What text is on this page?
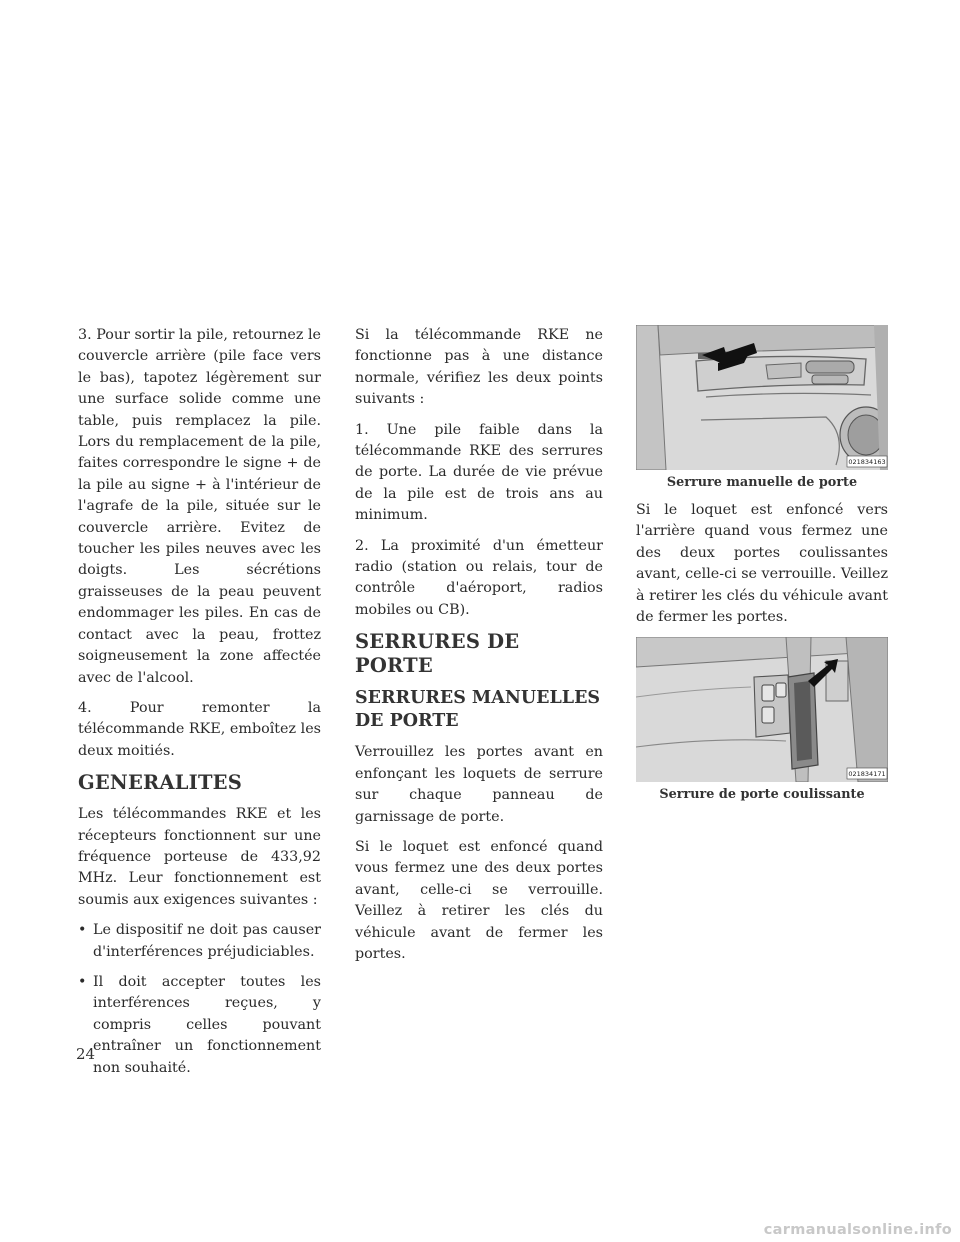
3. Pour sortir la pile, retournez le couvercle arrière (pile face vers le bas), tapotez légèrement sur une surface solide comme une table, puis remplacez la pile. Lors du remplacement de la pile, faites correspondre le signe + de la pile au signe + à l'intérieur de l'agrafe de la pile, située sur le couvercle arrière. Evitez de toucher les piles neuves avec les doigts. Les sécrétions graisseuses de la peau peuvent endommager les piles. En cas de contact avec la peau, frottez soigneusement la zone affectée avec de l'alcool.

4. Pour remonter la télécommande RKE, emboîtez les deux moitiés.

GENERALITES

Les télécommandes RKE et les récepteurs fonctionnent sur une fréquence porteuse de 433,92 MHz. Leur fonctionnement est soumis aux exigences suivantes :

• Le dispositif ne doit pas causer d'interférences préjudiciables.
• Il doit accepter toutes les interférences reçues, y compris celles pouvant entraîner un fonctionnement non souhaité.

Si la télécommande RKE ne fonctionne pas à une distance normale, vérifiez les deux points suivants :

1. Une pile faible dans la télécommande RKE des serrures de porte. La durée de vie prévue de la pile est de trois ans au minimum.

2. La proximité d'un émetteur radio (station ou relais, tour de contrôle d'aéroport, radios mobiles ou CB).

SERRURES DE PORTE
SERRURES MANUELLES DE PORTE

Verrouillez les portes avant en enfonçant les loquets de serrure sur chaque panneau de garnissage de porte.

Si le loquet est enfoncé quand vous fermez une des deux portes avant, celle-ci se verrouille. Veillez à retirer les clés du véhicule avant de fermer les portes.

021834163
Serrure manuelle de porte

Si le loquet est enfoncé vers l'arrière quand vous fermez une des deux portes coulissantes avant, celle-ci se verrouille. Veillez à retirer les clés du véhicule avant de fermer les portes.

021834171
Serrure de porte coulissante
24
carmanualsonline.info
